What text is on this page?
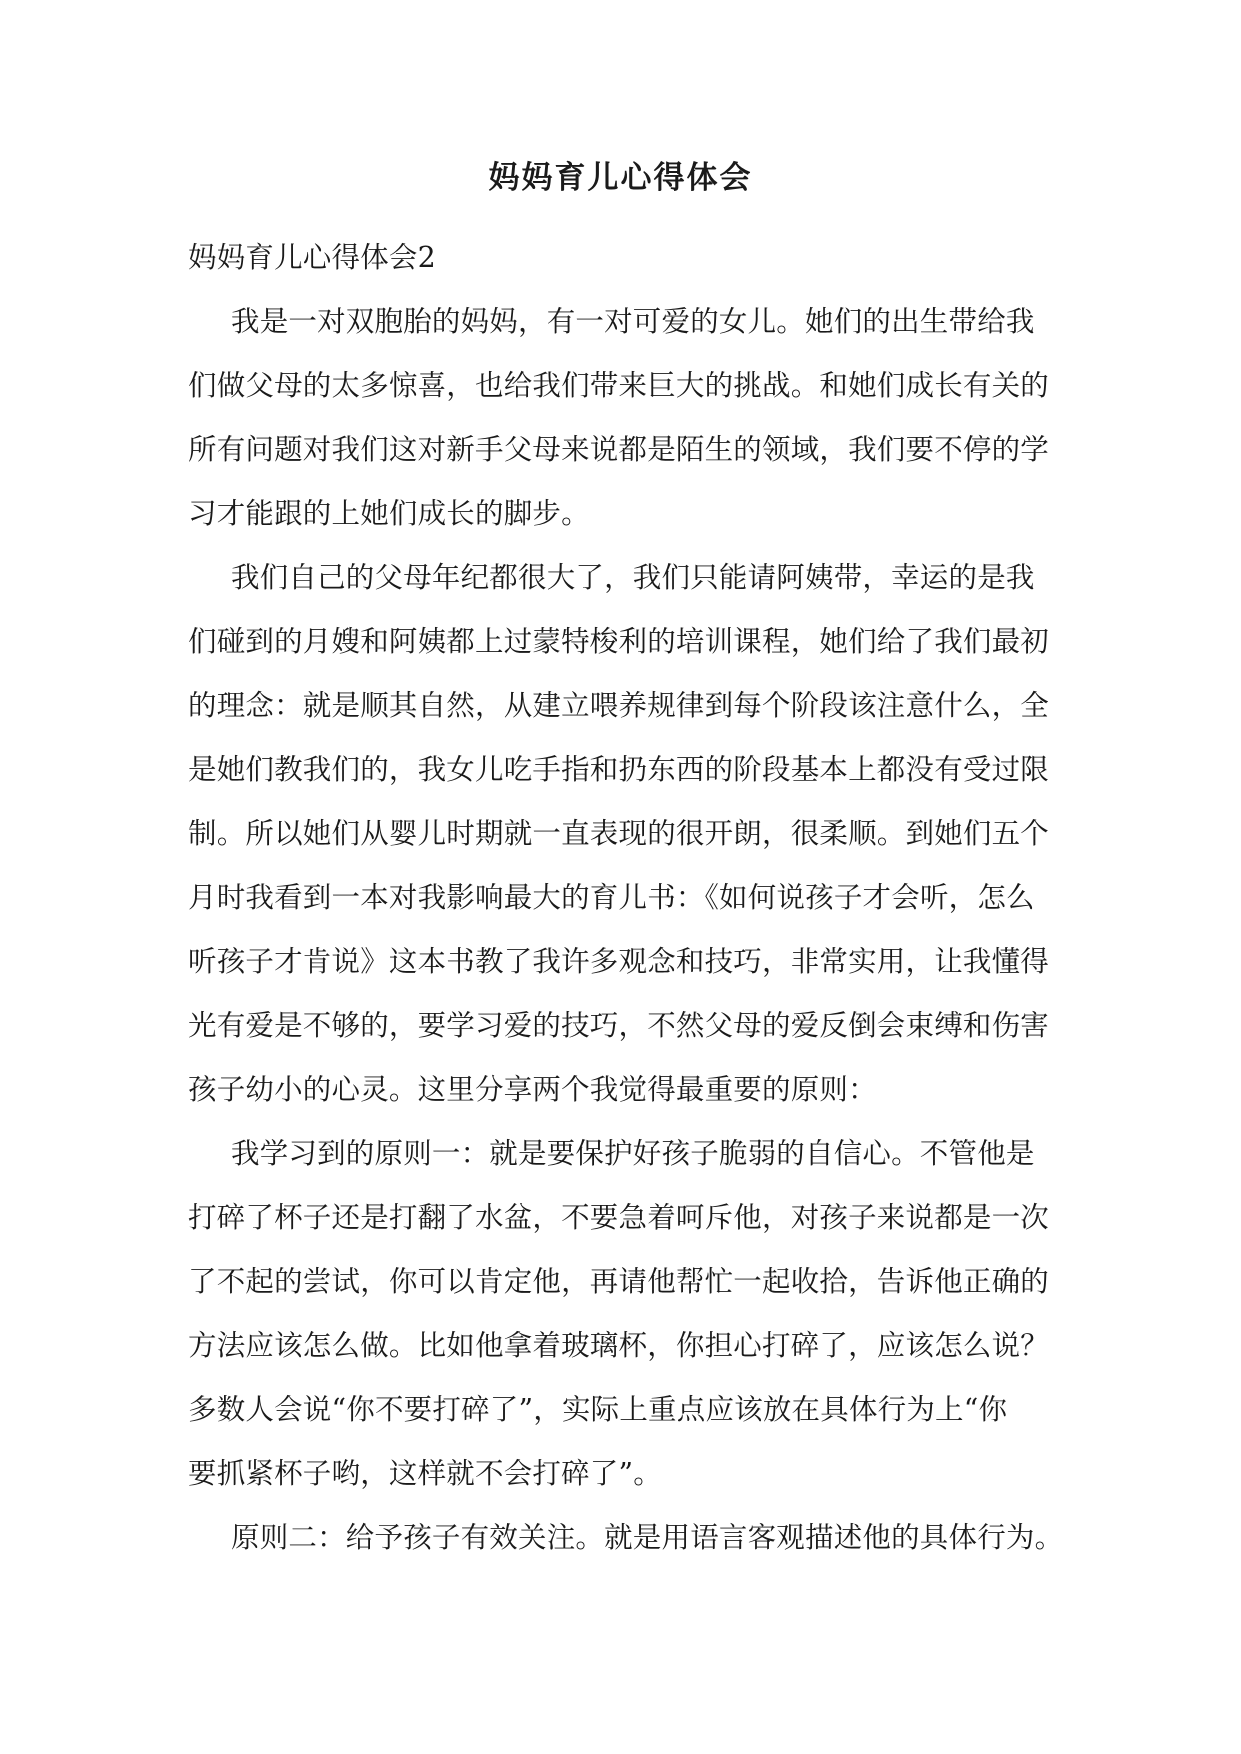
妈妈育儿心得体会
妈妈育儿心得体会2
我是一对双胞胎的妈妈，有一对可爱的女儿。她们的出生带给我
们做父母的太多惊喜，也给我们带来巨大的挑战。和她们成长有关的
所有问题对我们这对新手父母来说都是陌生的领域，我们要不停的学
习才能跟的上她们成长的脚步。
我们自己的父母年纪都很大了，我们只能请阿姨带，幸运的是我
们碰到的月嫂和阿姨都上过蒙特梭利的培训课程，她们给了我们最初
的理念：就是顺其自然，从建立喂养规律到每个阶段该注意什么，全
是她们教我们的，我女儿吃手指和扔东西的阶段基本上都没有受过限
制。所以她们从婴儿时期就一直表现的很开朗，很柔顺。到她们五个
月时我看到一本对我影响最大的育儿书：《如何说孩子才会听，怎么
听孩子才肯说》这本书教了我许多观念和技巧，非常实用，让我懂得
光有爱是不够的，要学习爱的技巧，不然父母的爱反倒会束缚和伤害
孩子幼小的心灵。这里分享两个我觉得最重要的原则：
我学习到的原则一：就是要保护好孩子脆弱的自信心。不管他是
打碎了杯子还是打翻了水盆，不要急着呵斥他，对孩子来说都是一次
了不起的尝试，你可以肯定他，再请他帮忙一起收拾，告诉他正确的
方法应该怎么做。比如他拿着玻璃杯，你担心打碎了，应该怎么说？
多数人会说“你不要打碎了”，实际上重点应该放在具体行为上“你
要抓紧杯子哟，这样就不会打碎了”。
原则二：给予孩子有效关注。就是用语言客观描述他的具体行为。
